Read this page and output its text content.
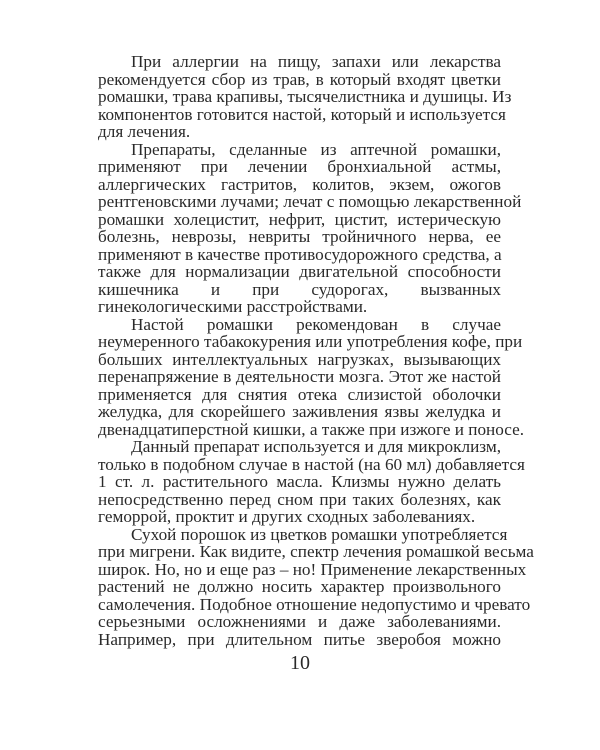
При аллергии на пищу, запахи или лекарства
рекомендуется сбор из трав, в который входят цветки
ромашки, трава крапивы, тысячелистника и душицы. Из
компонентов готовится настой, который и используется
для лечения.
Препараты, сделанные из аптечной ромашки,
применяют при лечении бронхиальной астмы,
аллергических гастритов, колитов, экзем, ожогов
рентгеновскими лучами; лечат с помощью лекарственной
ромашки холецистит, нефрит, цистит, истерическую
болезнь, неврозы, невриты тройничного нерва, ее
применяют в качестве противосудорожного средства, а
также для нормализации двигательной способности
кишечника и при судорогах, вызванных
гинекологическими расстройствами.
Настой ромашки рекомендован в случае
неумеренного табакокурения или употребления кофе, при
больших интеллектуальных нагрузках, вызывающих
перенапряжение в деятельности мозга. Этот же настой
применяется для снятия отека слизистой оболочки
желудка, для скорейшего заживления язвы желудка и
двенадцатиперстной кишки, а также при изжоге и поносе.
Данный препарат используется и для микроклизм,
только в подобном случае в настой (на 60 мл) добавляется
1 ст. л. растительного масла. Клизмы нужно делать
непосредственно перед сном при таких болезнях, как
геморрой, проктит и других сходных заболеваниях.
Сухой порошок из цветков ромашки употребляется
при мигрени. Как видите, спектр лечения ромашкой весьма
широк. Но, но и еще раз – но! Применение лекарственных
растений не должно носить характер произвольного
самолечения. Подобное отношение недопустимо и чревато
серьезными осложнениями и даже заболеваниями.
Например, при длительном питье зверобоя можно
10
